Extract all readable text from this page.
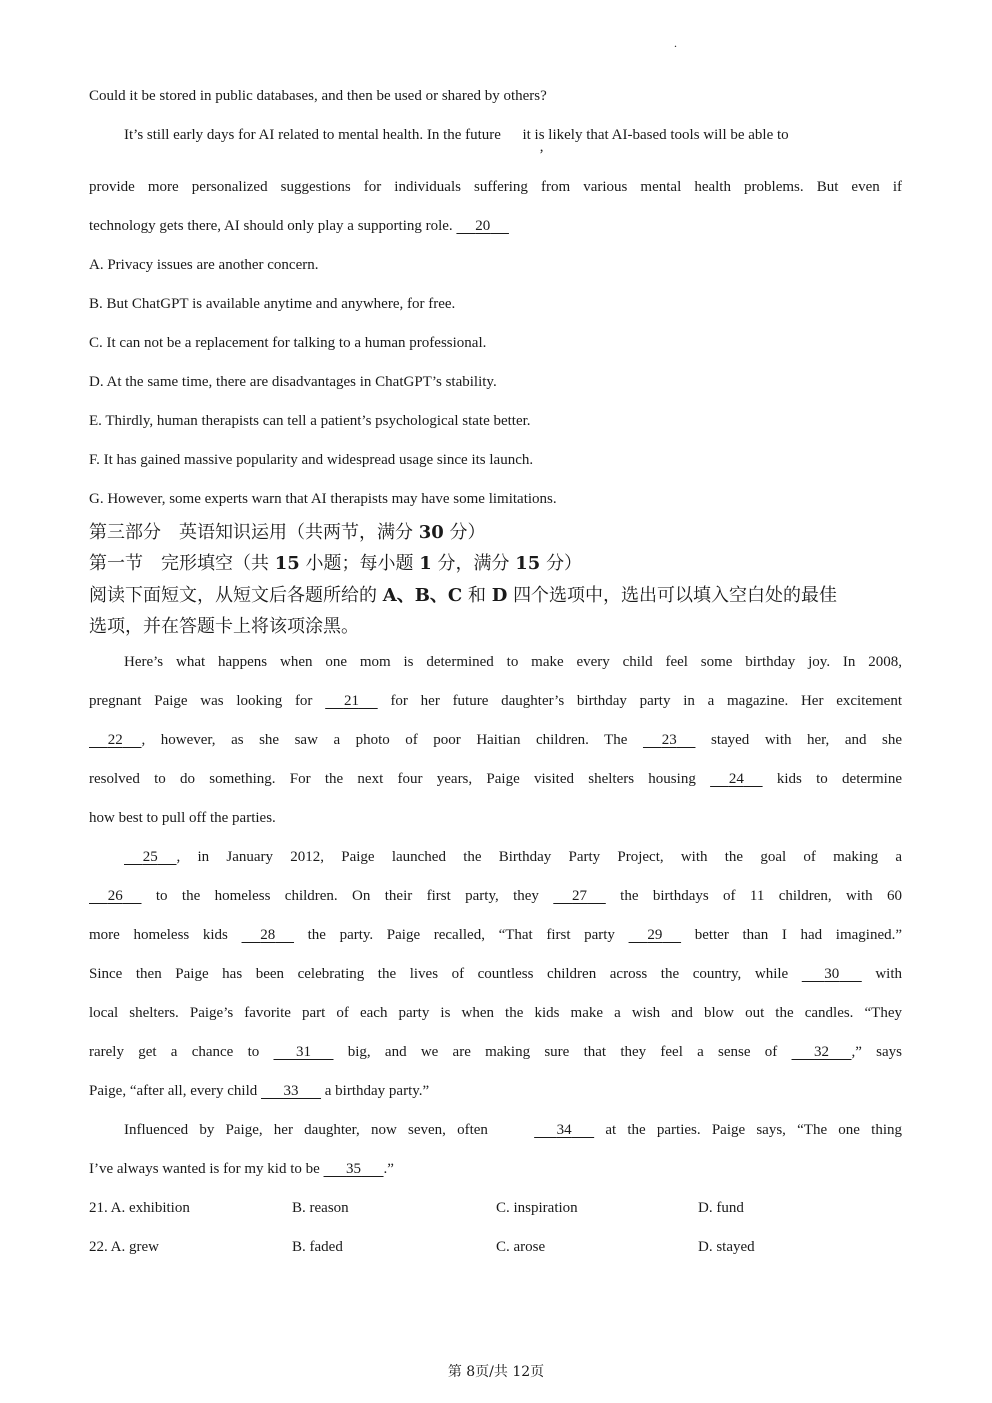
.
Could it be stored in public databases, and then be used or shared by others?
It’s still early days for AI related to mental health. In the future , it is likely that AI-based tools will be able to
provide more personalized suggestions for individuals suffering from various mental health problems. But even if
technology gets there, AI should only play a supporting role. 20
A. Privacy issues are another concern.
B. But ChatGPT is available anytime and anywhere, for free.
C. It can not be a replacement for talking to a human professional.
D. At the same time, there are disadvantages in ChatGPT’s stability.
E. Thirdly, human therapists can tell a patient’s psychological state better.
F. It has gained massive popularity and widespread usage since its launch.
G. However, some experts warn that AI therapists may have some limitations.
第三部分　英语知识运用（共两节，满分 30 分）
第一节　完形填空（共 15 小题；每小题 1 分，满分 15 分）
阅读下面短文，从短文后各题所给的 A、B、C 和 D 四个选项中，选出可以填入空白处的最佳
选项，并在答题卡上将该项涂黑。
Here’s what happens when one mom is determined to make every child feel some birthday joy. In 2008,
pregnant Paige was looking for 21 for her future daughter’s birthday party in a magazine. Her excitement
22 , however, as she saw a photo of poor Haitian children. The 23 stayed with her, and she
resolved to do something. For the next four years, Paige visited shelters housing 24 kids to determine
how best to pull off the parties.
25 , in January 2012, Paige launched the Birthday Party Project, with the goal of making a
26 to the homeless children. On their first party, they 27 the birthdays of 11 children, with 60
more homeless kids 28 the party. Paige recalled, “That first party 29 better than I had imagined.”
Since then Paige has been celebrating the lives of countless children across the country, while 30 with
local shelters. Paige’s favorite part of each party is when the kids make a wish and blow out the candles. “They
rarely get a chance to 31 big, and we are making sure that they feel a sense of 32 ,” says
Paige, “after all, every child 33 a birthday party.”
Influenced by Paige, her daughter, now seven, often	34 at the parties. Paige says, “The one thing
I’ve always wanted is for my kid to be 35 .”
21. A. exhibition	B. reason	C. inspiration	D. fund
22. A. grew	B. faded	C. arose	D. stayed
第 8页/共 12页
